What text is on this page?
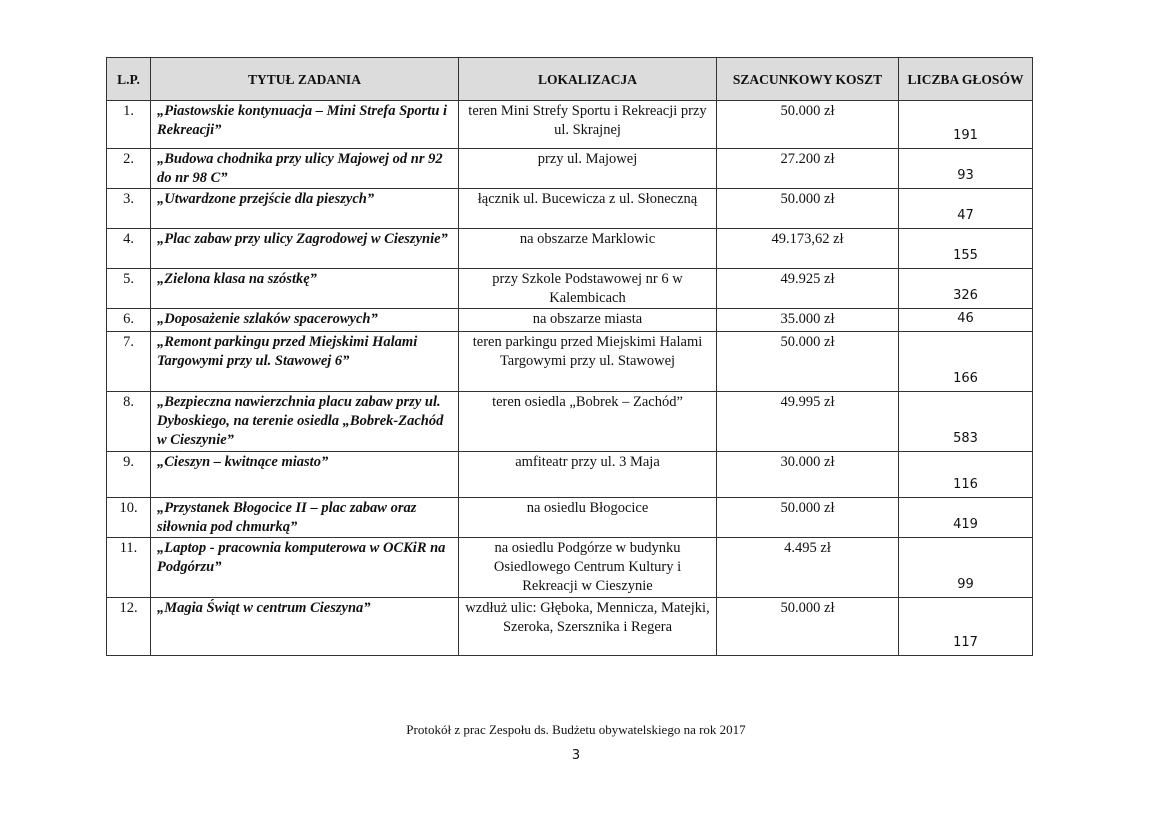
L.P.	TYTUŁ ZADANIA	LOKALIZACJA	SZACUNKOWY KOSZT	LICZBA GŁOSÓW
1.	„Piastowskie kontynuacja – Mini Strefa Sportu i Rekreacji”	teren Mini Strefy Sportu i Rekreacji przy ul. Skrajnej	50.000 zł	191
2.	„Budowa chodnika przy ulicy Majowej od nr 92 do nr 98 C”	przy ul. Majowej	27.200 zł	93
3.	„Utwardzone przejście dla pieszych”	łącznik ul. Bucewicza z ul. Słoneczną	50.000 zł	47
4.	„Plac zabaw przy ulicy Zagrodowej w Cieszynie”	na obszarze Marklowic	49.173,62 zł	155
5.	„Zielona klasa na szóstkę”	przy Szkole Podstawowej nr 6 w Kalembicach	49.925 zł	326
6.	„Doposażenie szlaków spacerowych”	na obszarze miasta	35.000 zł	46
7.	„Remont parkingu przed Miejskimi Halami Targowymi przy ul. Stawowej 6”	teren parkingu przed Miejskimi Halami Targowymi przy ul. Stawowej	50.000 zł	166
8.	„Bezpieczna nawierzchnia placu zabaw przy ul. Dyboskiego, na terenie osiedla „Bobrek-Zachód w Cieszynie”	teren osiedla „Bobrek – Zachód”	49.995 zł	583
9.	„Cieszyn – kwitnące miasto”	amfiteatr przy ul. 3 Maja	30.000 zł	116
10.	„Przystanek Błogocice II – plac zabaw oraz siłownia pod chmurką”	na osiedlu Błogocice	50.000 zł	419
11.	„Laptop - pracownia komputerowa w OCKiR na Podgórzu”	na osiedlu Podgórze w budynku Osiedlowego Centrum Kultury i Rekreacji w Cieszynie	4.495 zł	99
12.	„Magia Świąt w centrum Cieszyna”	wzdłuż ulic: Głęboka, Mennicza, Matejki, Szeroka, Szersznika i Regera	50.000 zł	117
Protokół z prac Zespołu ds. Budżetu obywatelskiego na rok 2017
3
